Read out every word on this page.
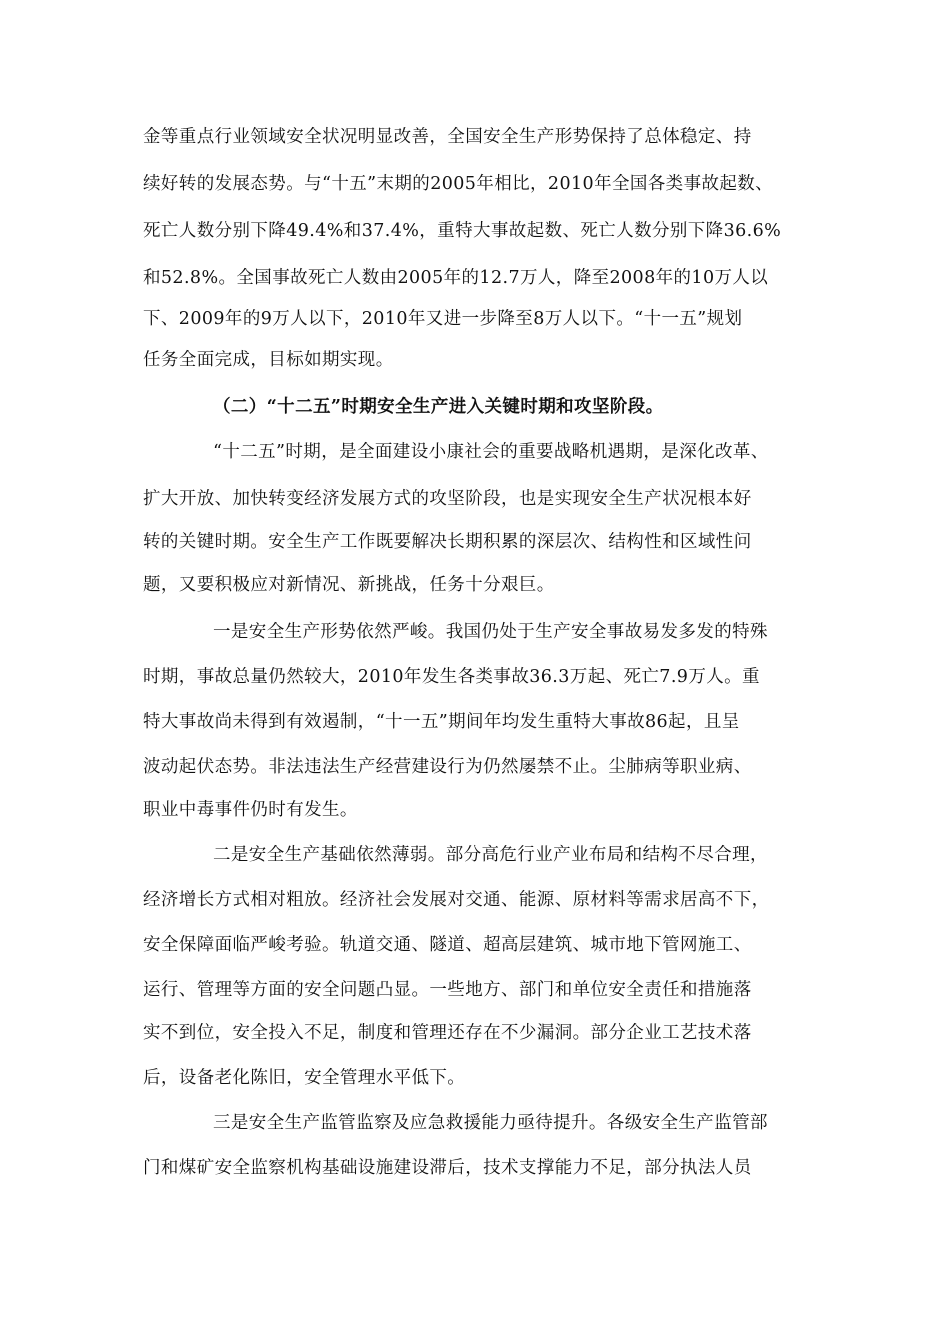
金等重点行业领域安全状况明显改善，全国安全生产形势保持了总体稳定、持
续好转的发展态势。与“十五”末期的2005年相比，2010年全国各类事故起数、
死亡人数分别下降49.4%和37.4%，重特大事故起数、死亡人数分别下降36.6%
和52.8%。全国事故死亡人数由2005年的12.7万人，降至2008年的10万人以
下、2009年的9万人以下，2010年又进一步降至8万人以下。“十一五”规划
任务全面完成，目标如期实现。
（二）“十二五”时期安全生产进入关键时期和攻坚阶段。
“十二五”时期，是全面建设小康社会的重要战略机遇期，是深化改革、
扩大开放、加快转变经济发展方式的攻坚阶段，也是实现安全生产状况根本好
转的关键时期。安全生产工作既要解决长期积累的深层次、结构性和区域性问
题，又要积极应对新情况、新挑战，任务十分艰巨。
一是安全生产形势依然严峻。我国仍处于生产安全事故易发多发的特殊
时期，事故总量仍然较大，2010年发生各类事故36.3万起、死亡7.9万人。重
特大事故尚未得到有效遏制，“十一五”期间年均发生重特大事故86起，且呈
波动起伏态势。非法违法生产经营建设行为仍然屡禁不止。尘肺病等职业病、
职业中毒事件仍时有发生。
二是安全生产基础依然薄弱。部分高危行业产业布局和结构不尽合理，
经济增长方式相对粗放。经济社会发展对交通、能源、原材料等需求居高不下，
安全保障面临严峻考验。轨道交通、隧道、超高层建筑、城市地下管网施工、
运行、管理等方面的安全问题凸显。一些地方、部门和单位安全责任和措施落
实不到位，安全投入不足，制度和管理还存在不少漏洞。部分企业工艺技术落
后，设备老化陈旧，安全管理水平低下。
三是安全生产监管监察及应急救援能力亟待提升。各级安全生产监管部
门和煤矿安全监察机构基础设施建设滞后，技术支撑能力不足，部分执法人员
